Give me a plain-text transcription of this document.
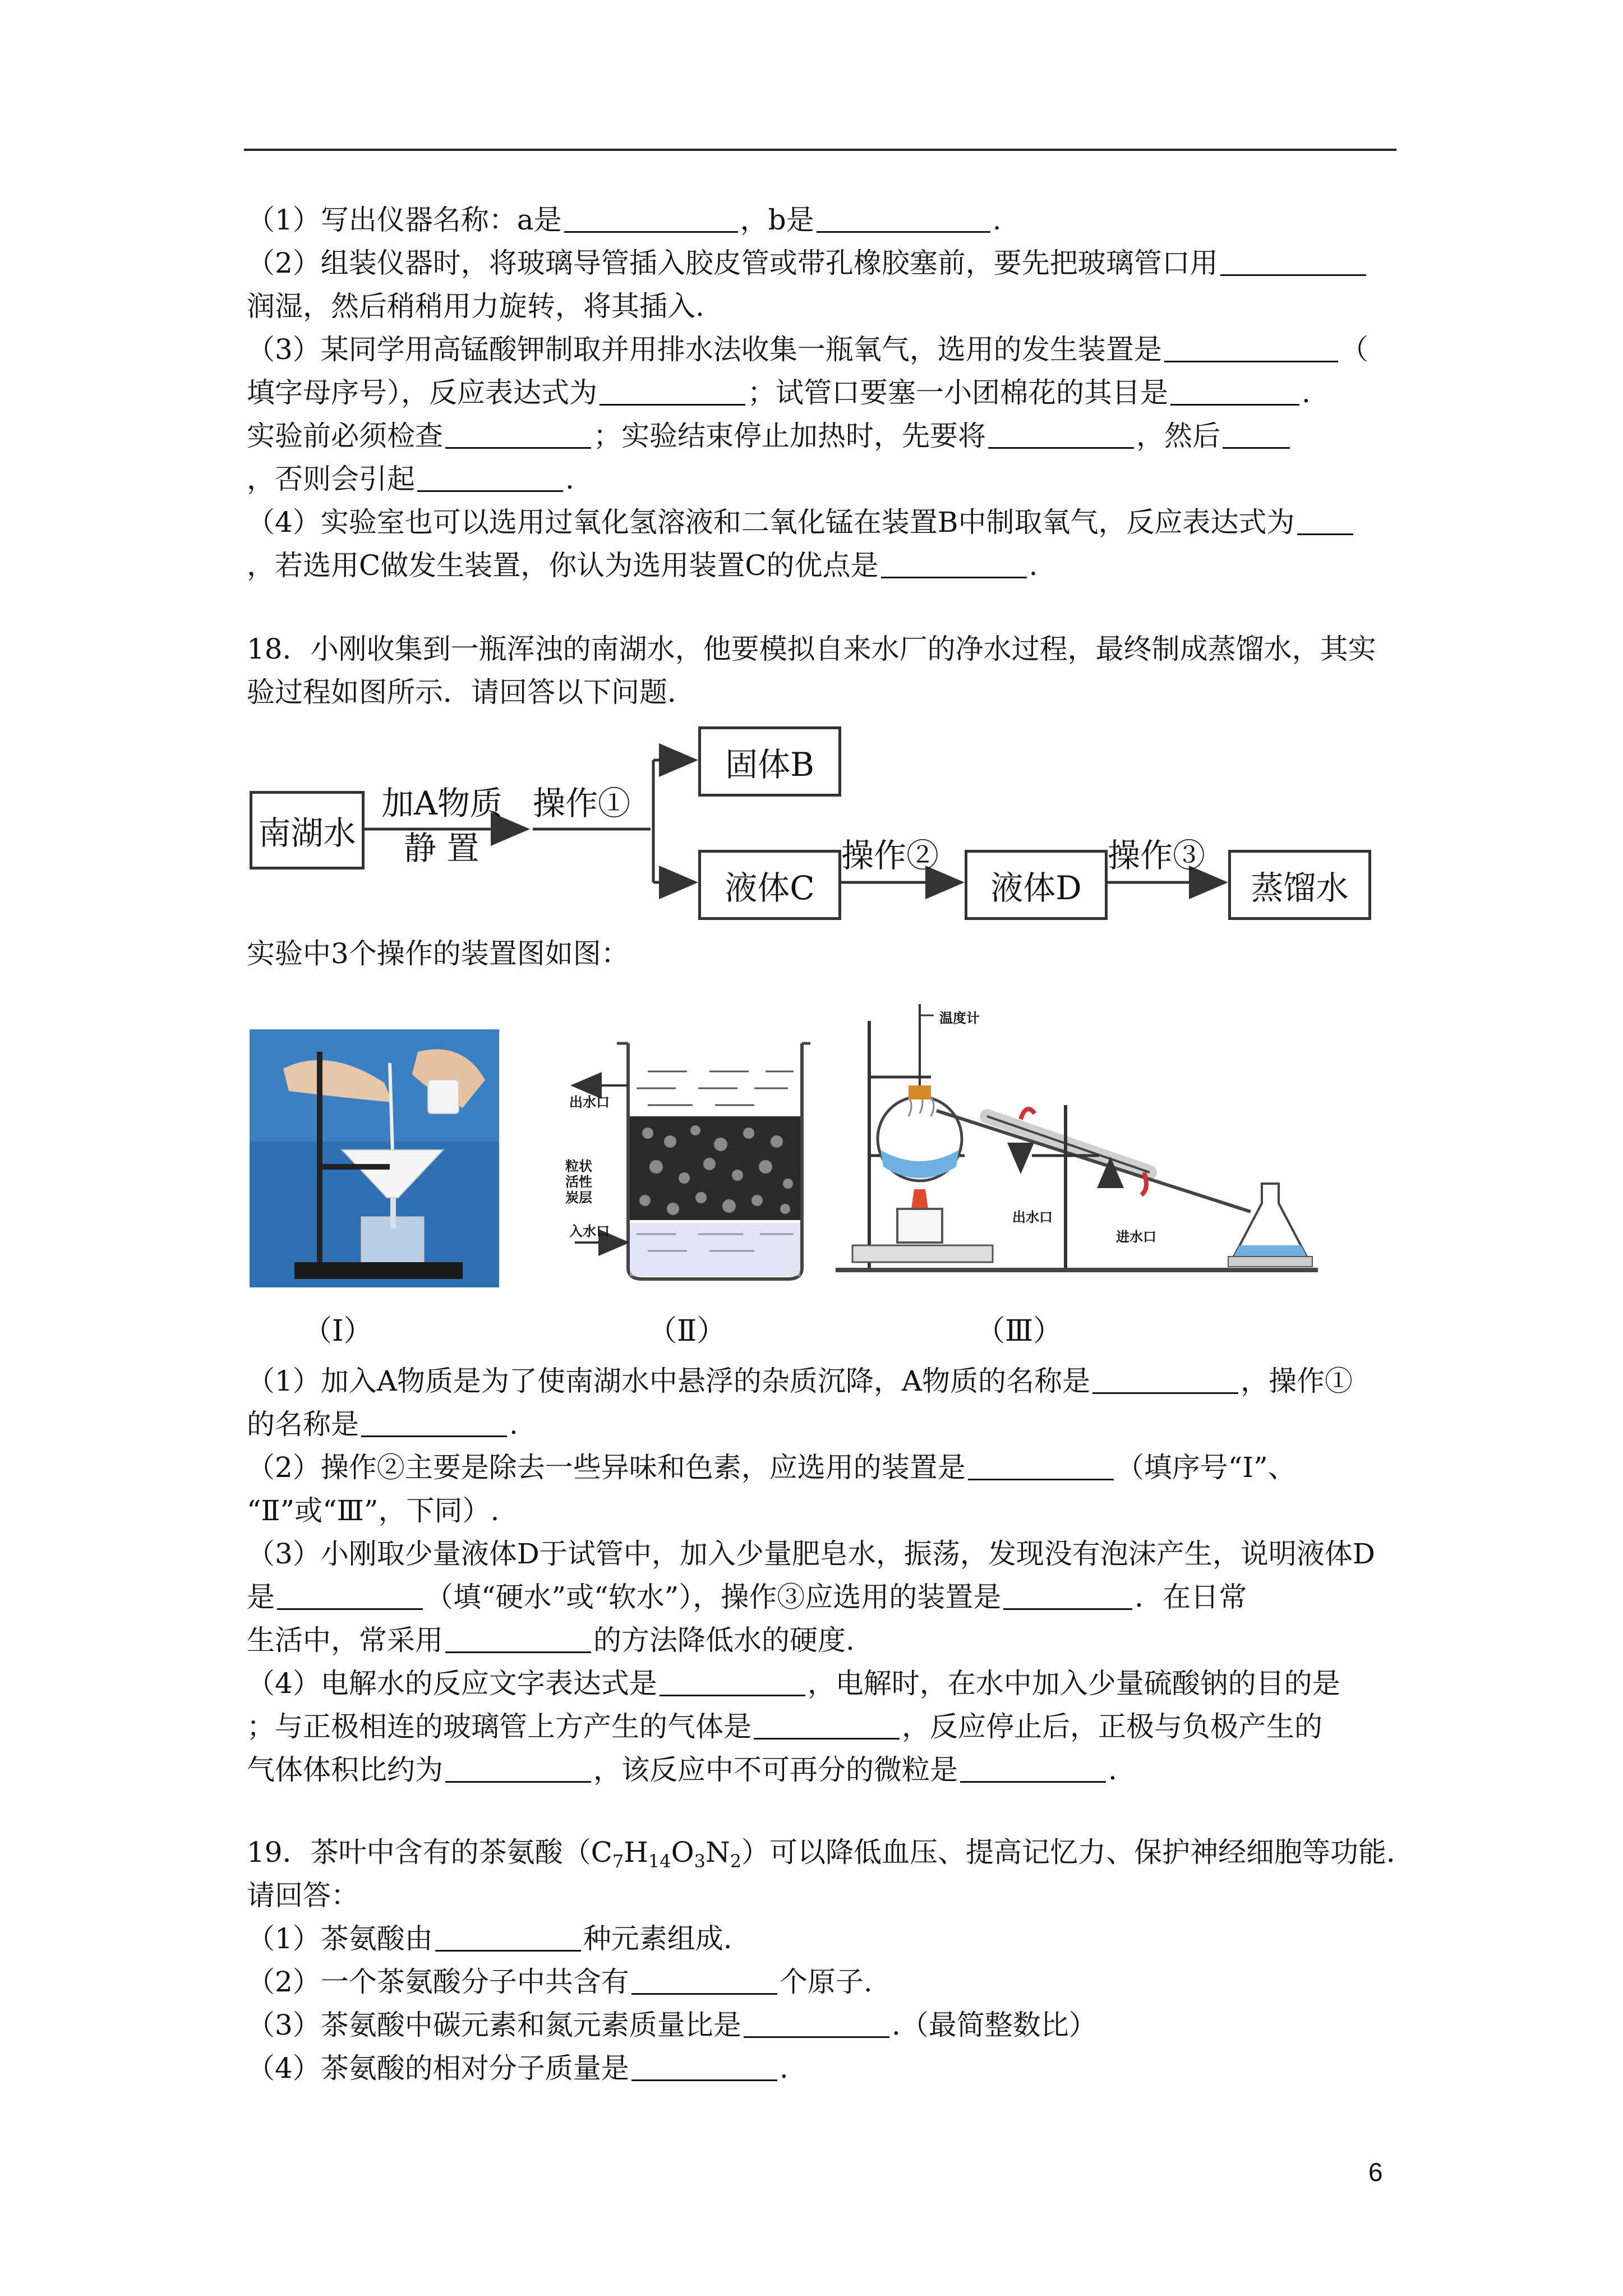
（1）写出仪器名称：a是	，b是	.
（2）组装仪器时，将玻璃导管插入胶皮管或带孔橡胶塞前，要先把玻璃管口用
润湿，然后稍稍用力旋转，将其插入.
（3）某同学用高锰酸钾制取并用排水法收集一瓶氧气，选用的发生装置是	（
填字母序号），反应表达式为	；试管口要塞一小团棉花的其目是	.
实验前必须检查	；实验结束停止加热时，先要将	，然后
，否则会引起	.
（4）实验室也可以选用过氧化氢溶液和二氧化锰在装置B中制取氧气，反应表达式为
，若选用C做发生装置，你认为选用装置C的优点是	.
18．小刚收集到一瓶浑浊的南湖水，他要模拟自来水厂的净水过程，最终制成蒸馏水，其实
验过程如图所示．请回答以下问题．
南湖水
加A物质
静 置
操作①
固体B
液体C
操作②
液体D
操作③
蒸馏水
实验中3个操作的装置图如图：
出水口
粒状活性炭层
入水口
温度计
出水口
进水口
（Ⅰ）	（Ⅱ）	（Ⅲ）
（1）加入A物质是为了使南湖水中悬浮的杂质沉降，A物质的名称是	，操作①
的名称是	.
（2）操作②主要是除去一些异味和色素，应选用的装置是	（填序号“Ⅰ”、
“Ⅱ”或“Ⅲ”，下同）.
（3）小刚取少量液体D于试管中，加入少量肥皂水，振荡，发现没有泡沫产生，说明液体D
是	（填“硬水”或“软水”），操作③应选用的装置是	．在日常
生活中，常采用	的方法降低水的硬度.
（4）电解水的反应文字表达式是	，电解时，在水中加入少量硫酸钠的目的是
；与正极相连的玻璃管上方产生的气体是	，反应停止后，正极与负极产生的
气体体积比约为	，该反应中不可再分的微粒是	.
19．茶叶中含有的茶氨酸$(C_7H_{14}O_3N_2)$可以降低血压、提高记忆力、保护神经细胞等功能．
请回答：
（1）茶氨酸由	种元素组成.
（2）一个茶氨酸分子中共含有	个原子.
（3）茶氨酸中碳元素和氮元素质量比是	.（最简整数比）
（4）茶氨酸的相对分子质量是	.
6
